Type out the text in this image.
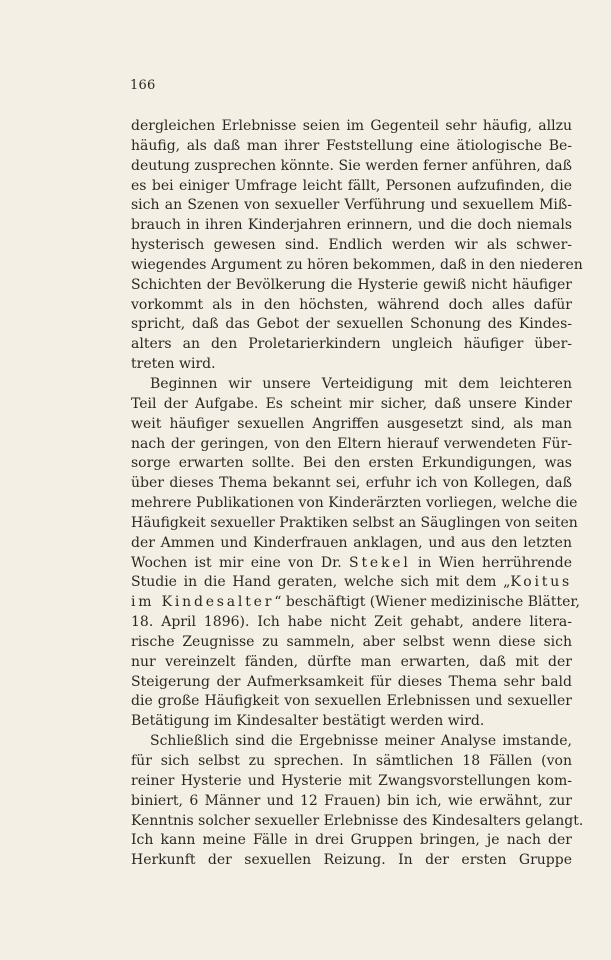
166
dergleichen Erlebnisse seien im Gegenteil sehr häufig, allzu
häufig, als daß man ihrer Feststellung eine ätiologische Be-
deutung zusprechen könnte. Sie werden ferner anführen, daß
es bei einiger Umfrage leicht fällt, Personen aufzufinden, die
sich an Szenen von sexueller Verführung und sexuellem Miß-
brauch in ihren Kinderjahren erinnern, und die doch niemals
hysterisch gewesen sind. Endlich werden wir als schwer-
wiegendes Argument zu hören bekommen, daß in den niederen
Schichten der Bevölkerung die Hysterie gewiß nicht häufiger
vorkommt als in den höchsten, während doch alles dafür
spricht, daß das Gebot der sexuellen Schonung des Kindes-
alters an den Proletarierkindern ungleich häufiger über-
treten wird.
Beginnen wir unsere Verteidigung mit dem leichteren
Teil der Aufgabe. Es scheint mir sicher, daß unsere Kinder
weit häufiger sexuellen Angriffen ausgesetzt sind, als man
nach der geringen, von den Eltern hierauf verwendeten Für-
sorge erwarten sollte. Bei den ersten Erkundigungen, was
über dieses Thema bekannt sei, erfuhr ich von Kollegen, daß
mehrere Publikationen von Kinderärzten vorliegen, welche die
Häufigkeit sexueller Praktiken selbst an Säuglingen von seiten
der Ammen und Kinderfrauen anklagen, und aus den letzten
Wochen ist mir eine von Dr. Stekel in Wien herrührende
Studie in die Hand geraten, welche sich mit dem „Koitus
im Kindesalter“ beschäftigt (Wiener medizinische Blätter,
18. April 1896). Ich habe nicht Zeit gehabt, andere litera-
rische Zeugnisse zu sammeln, aber selbst wenn diese sich
nur vereinzelt fänden, dürfte man erwarten, daß mit der
Steigerung der Aufmerksamkeit für dieses Thema sehr bald
die große Häufigkeit von sexuellen Erlebnissen und sexueller
Betätigung im Kindesalter bestätigt werden wird.
Schließlich sind die Ergebnisse meiner Analyse imstande,
für sich selbst zu sprechen. In sämtlichen 18 Fällen (von
reiner Hysterie und Hysterie mit Zwangsvorstellungen kom-
biniert, 6 Männer und 12 Frauen) bin ich, wie erwähnt, zur
Kenntnis solcher sexueller Erlebnisse des Kindesalters gelangt.
Ich kann meine Fälle in drei Gruppen bringen, je nach der
Herkunft der sexuellen Reizung. In der ersten Gruppe
